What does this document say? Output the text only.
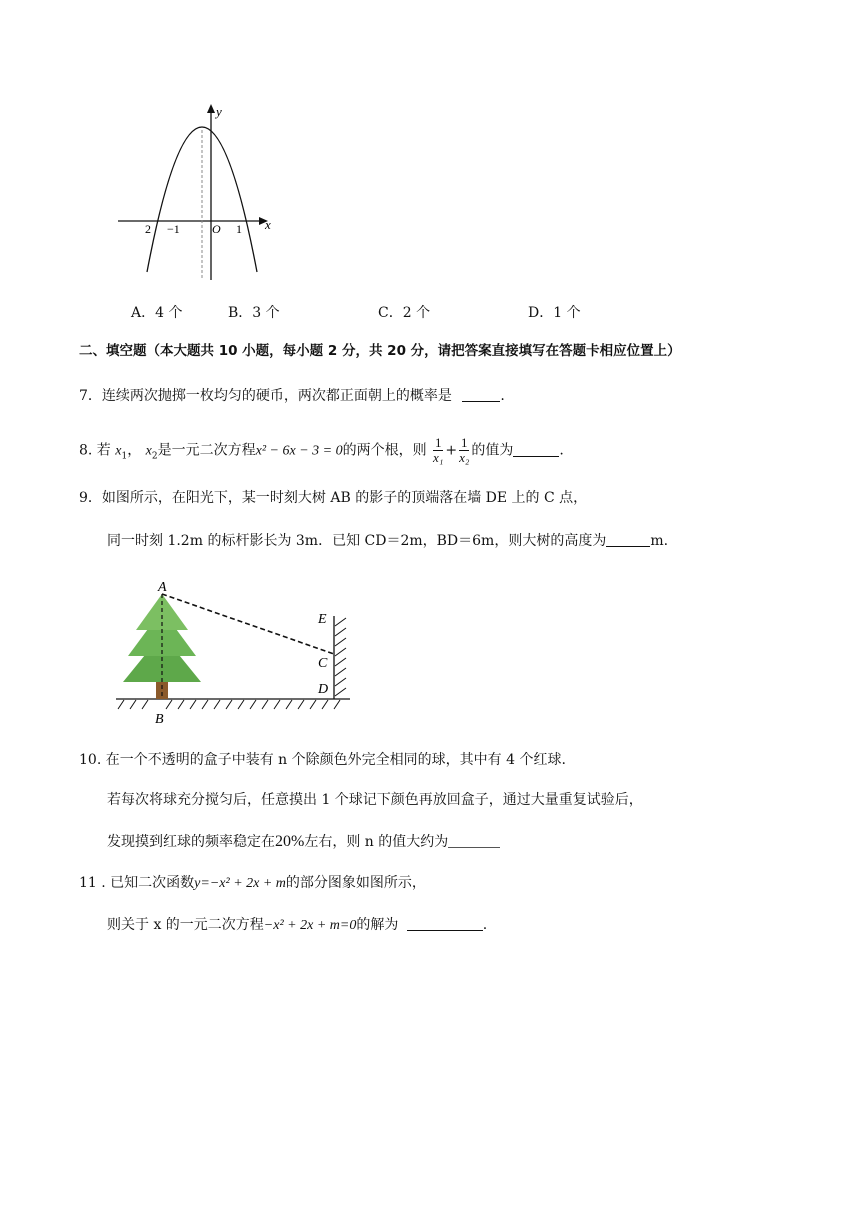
y
x
O
2 −1	1
A．4 个	B．3 个	C．2 个	D．1 个
二、填空题（本大题共 10 小题，每小题 2 分，共 20 分，请把答案直接填写在答题卡相应位置上）
7．连续两次抛掷一枚均匀的硬币，两次都正面朝上的概率是	.
8. 若 $x_1$， $x_2$是一元二次方程x² − 6x − 3 = 0的两个根，则 $\frac{1}{\text{x₁}} + \frac{1}{\text{x₂}}$ 的值为	.
9．如图所示，在阳光下，某一时刻大树 AB 的影子的顶端落在墙 DE 上的 C 点，
同一时刻 1.2m 的标杆影长为 3m．已知 CD＝2m，BD＝6m，则大树的高度为	m.
A
B
C
D
E
10. 在一个不透明的盒子中装有 n 个除颜色外完全相同的球，其中有 4 个红球.
若每次将球充分搅匀后，任意摸出 1 个球记下颜色再放回盒子，通过大量重复试验后，
发现摸到红球的频率稳定在20%左右，则 n 的值大约为
11 . 已知二次函数y=−x² + 2x + m的部分图象如图所示，
则关于 x 的一元二次方程−x² + 2x + m=0的解为	.
